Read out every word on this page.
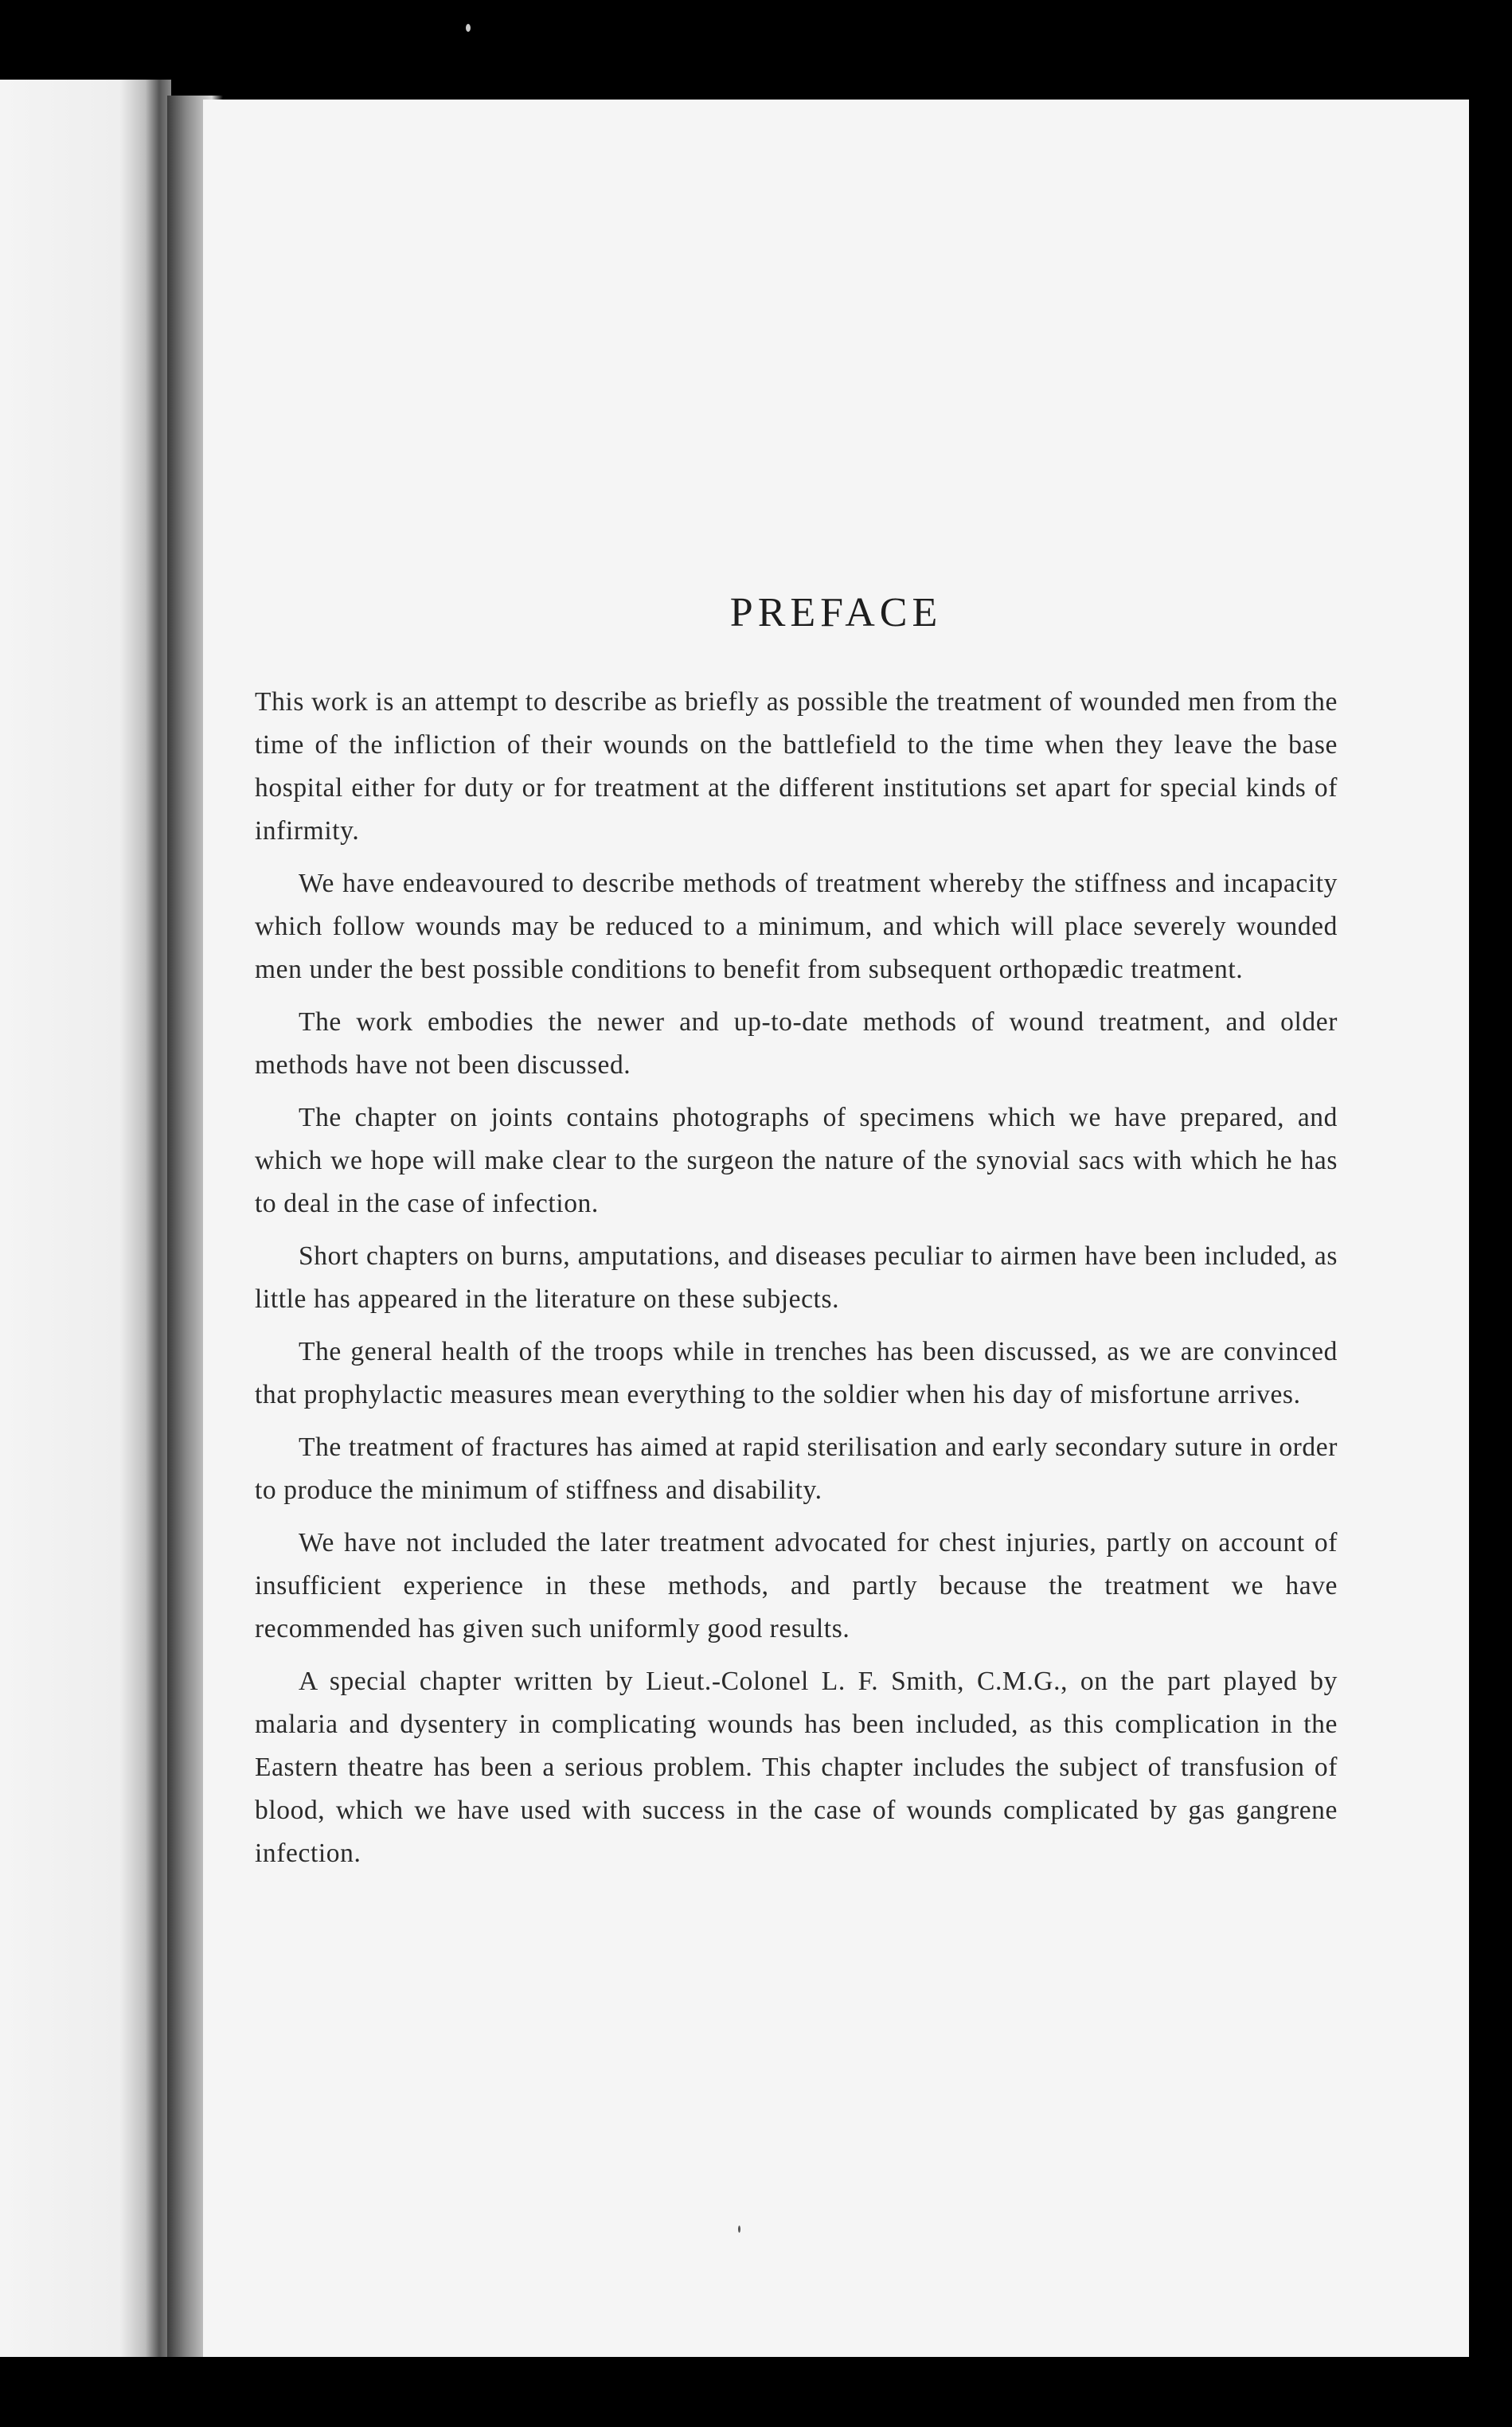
PREFACE

This work is an attempt to describe as briefly as possible the treatment of wounded men from the time of the infliction of their wounds on the battlefield to the time when they leave the base hospital either for duty or for treatment at the different institutions set apart for special kinds of infirmity.

We have endeavoured to describe methods of treatment whereby the stiffness and incapacity which follow wounds may be reduced to a minimum, and which will place severely wounded men under the best possible conditions to benefit from subsequent orthopædic treatment.

The work embodies the newer and up-to-date methods of wound treatment, and older methods have not been discussed.

The chapter on joints contains photographs of specimens which we have prepared, and which we hope will make clear to the surgeon the nature of the synovial sacs with which he has to deal in the case of infection.

Short chapters on burns, amputations, and diseases peculiar to airmen have been included, as little has appeared in the literature on these subjects.

The general health of the troops while in trenches has been discussed, as we are convinced that prophylactic measures mean everything to the soldier when his day of misfortune arrives.

The treatment of fractures has aimed at rapid sterilisation and early secondary suture in order to produce the minimum of stiffness and disability.

We have not included the later treatment advocated for chest injuries, partly on account of insufficient experience in these methods, and partly because the treatment we have recommended has given such uniformly good results.

A special chapter written by Lieut.-Colonel L. F. Smith, C.M.G., on the part played by malaria and dysentery in complicating wounds has been included, as this complication in the Eastern theatre has been a serious problem. This chapter includes the subject of transfusion of blood, which we have used with success in the case of wounds complicated by gas gangrene infection.
